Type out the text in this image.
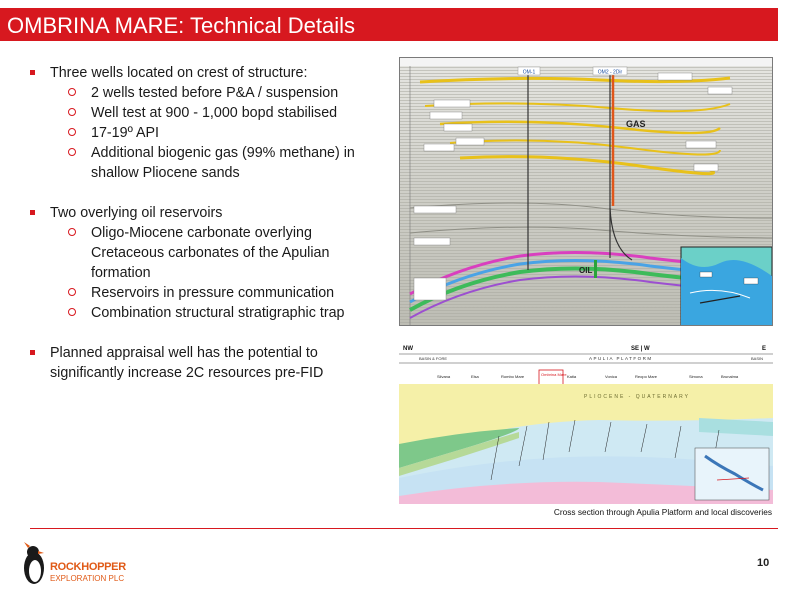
OMBRINA MARE: Technical Details
Three wells located on crest of structure:
2 wells tested before P&A / suspension
Well test at 900 - 1,000 bopd stabilised
17-19º API
Additional biogenic gas (99% methane) in shallow Pliocene sands
Two overlying oil reservoirs
Oligo-Miocene carbonate overlying Cretaceous carbonates of the Apulian formation
Reservoirs in pressure communication
Combination structural stratigraphic trap
Planned appraisal well has the potential to significantly increase 2C resources pre-FID
OM-1	OM2 - 2Dir
GAS
OIL
NW	SE | W	E
BASIN & FORE	APULIA PLATFORM	BASIN
Silvana	Elsa	Rombo Mare	Ombrina Mare Katia	Vonica	Reopo Mare	Simona	Brunalma
PLIOCENE - QUATERNARY
Cross section through Apulia Platform and local discoveries
ROCKHOPPER
EXPLORATION PLC
10
